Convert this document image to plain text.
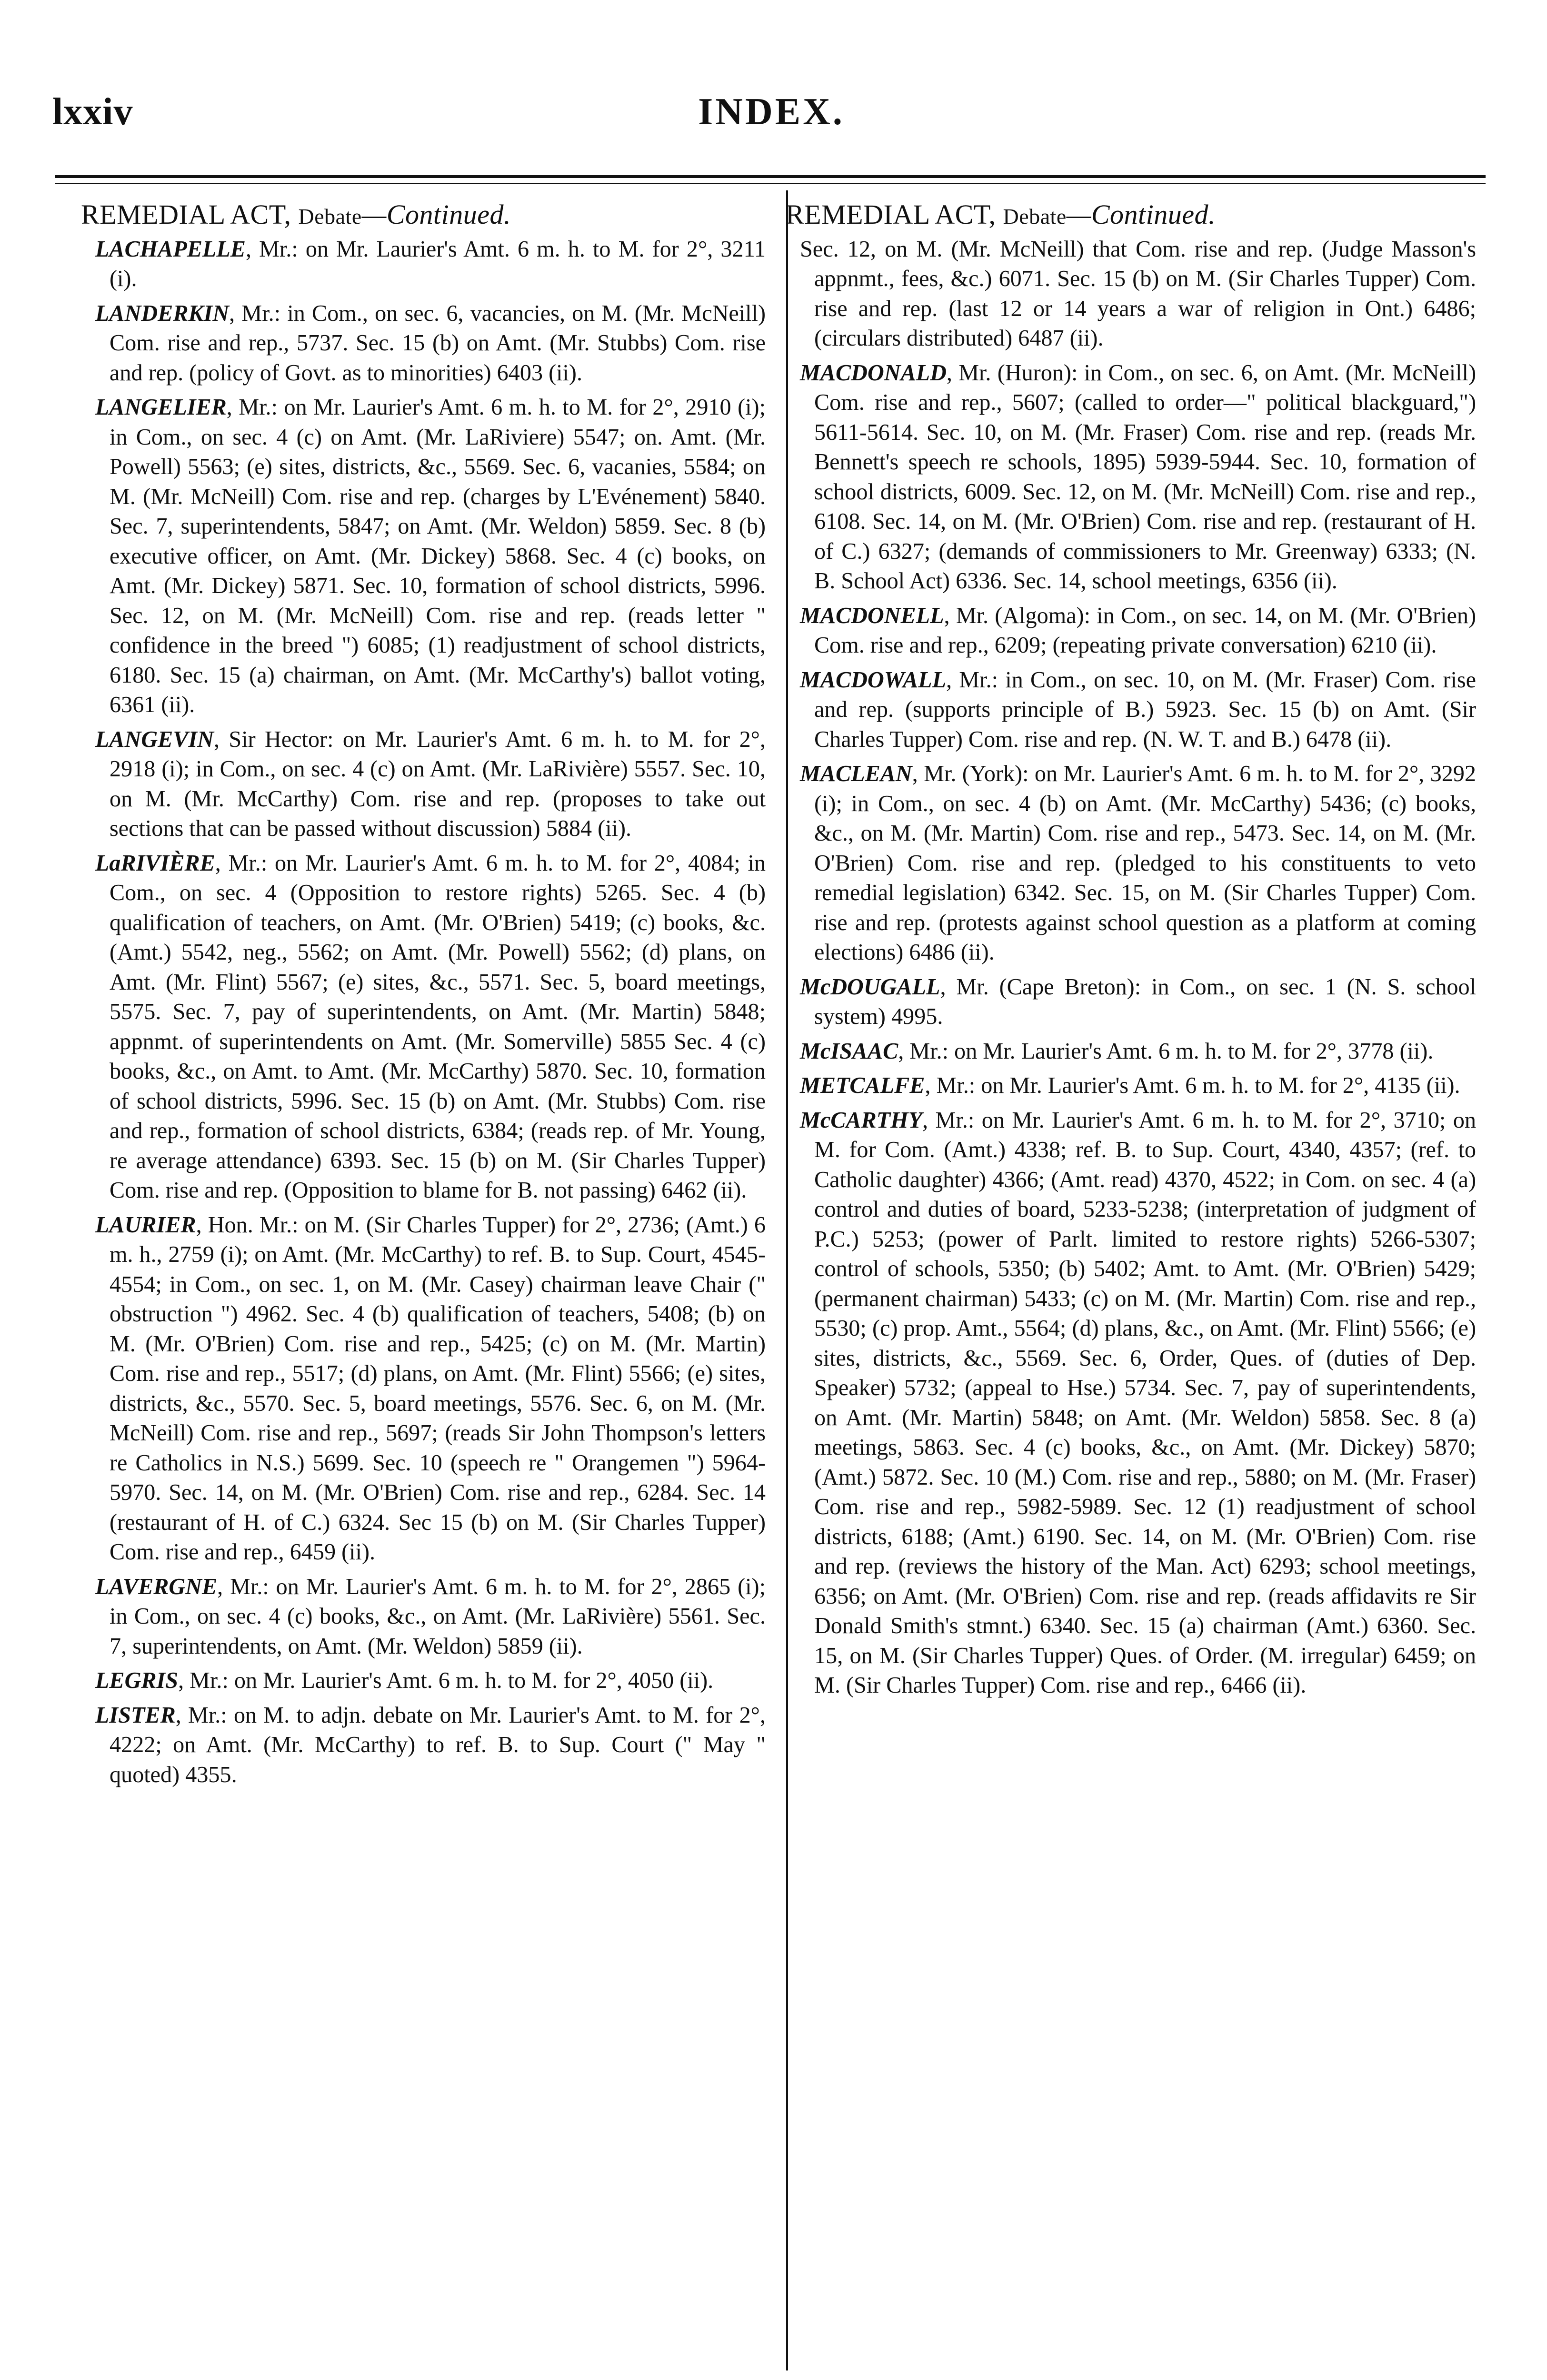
lxxiv	INDEX.
REMEDIAL ACT, Debate—Continued.

LACHAPELLE, Mr.: on Mr. Laurier's Amt. 6 m. h. to M. for 2°, 3211 (i).

LANDERKIN, Mr.: in Com., on sec. 6, vacancies, on M. (Mr. McNeill) Com. rise and rep., 5737. Sec. 15 (b) on Amt. (Mr. Stubbs) Com. rise and rep. (policy of Govt. as to minorities) 6403 (ii).

LANGELIER, Mr.: on Mr. Laurier's Amt. 6 m. h. to M. for 2°, 2910 (i); in Com., on sec. 4 (c) on Amt. (Mr. LaRiviere) 5547; on. Amt. (Mr. Powell) 5563; (e) sites, districts, &c., 5569. Sec. 6, vacanies, 5584; on M. (Mr. McNeill) Com. rise and rep. (charges by L'Evénement) 5840. Sec. 7, superintendents, 5847; on Amt. (Mr. Weldon) 5859. Sec. 8 (b) executive officer, on Amt. (Mr. Dickey) 5868. Sec. 4 (c) books, on Amt. (Mr. Dickey) 5871. Sec. 10, formation of school districts, 5996. Sec. 12, on M. (Mr. McNeill) Com. rise and rep. (reads letter " confidence in the breed ") 6085; (1) readjustment of school districts, 6180. Sec. 15 (a) chairman, on Amt. (Mr. McCarthy's) ballot voting, 6361 (ii).

LANGEVIN, Sir Hector: on Mr. Laurier's Amt. 6 m. h. to M. for 2°, 2918 (i); in Com., on sec. 4 (c) on Amt. (Mr. LaRivière) 5557. Sec. 10, on M. (Mr. McCarthy) Com. rise and rep. (proposes to take out sections that can be passed without discussion) 5884 (ii).

LaRIVIÈRE, Mr.: on Mr. Laurier's Amt. 6 m. h. to M. for 2°, 4084; in Com., on sec. 4 (Opposition to restore rights) 5265. Sec. 4 (b) qualification of teachers, on Amt. (Mr. O'Brien) 5419; (c) books, &c. (Amt.) 5542, neg., 5562; on Amt. (Mr. Powell) 5562; (d) plans, on Amt. (Mr. Flint) 5567; (e) sites, &c., 5571. Sec. 5, board meetings, 5575. Sec. 7, pay of superintendents, on Amt. (Mr. Martin) 5848; appnmt. of superintendents on Amt. (Mr. Somerville) 5855 Sec. 4 (c) books, &c., on Amt. to Amt. (Mr. McCarthy) 5870. Sec. 10, formation of school districts, 5996. Sec. 15 (b) on Amt. (Mr. Stubbs) Com. rise and rep., formation of school districts, 6384; (reads rep. of Mr. Young, re average attendance) 6393. Sec. 15 (b) on M. (Sir Charles Tupper) Com. rise and rep. (Opposition to blame for B. not passing) 6462 (ii).

LAURIER, Hon. Mr.: on M. (Sir Charles Tupper) for 2°, 2736; (Amt.) 6 m. h., 2759 (i); on Amt. (Mr. McCarthy) to ref. B. to Sup. Court, 4545-4554; in Com., on sec. 1, on M. (Mr. Casey) chairman leave Chair (" obstruction ") 4962. Sec. 4 (b) qualification of teachers, 5408; (b) on M. (Mr. O'Brien) Com. rise and rep., 5425; (c) on M. (Mr. Martin) Com. rise and rep., 5517; (d) plans, on Amt. (Mr. Flint) 5566; (e) sites, districts, &c., 5570. Sec. 5, board meetings, 5576. Sec. 6, on M. (Mr. McNeill) Com. rise and rep., 5697; (reads Sir John Thompson's letters re Catholics in N.S.) 5699. Sec. 10 (speech re " Orangemen ") 5964-5970. Sec. 14, on M. (Mr. O'Brien) Com. rise and rep., 6284. Sec. 14 (restaurant of H. of C.) 6324. Sec 15 (b) on M. (Sir Charles Tupper) Com. rise and rep., 6459 (ii).

LAVERGNE, Mr.: on Mr. Laurier's Amt. 6 m. h. to M. for 2°, 2865 (i); in Com., on sec. 4 (c) books, &c., on Amt. (Mr. LaRivière) 5561. Sec. 7, superintendents, on Amt. (Mr. Weldon) 5859 (ii).

LEGRIS, Mr.: on Mr. Laurier's Amt. 6 m. h. to M. for 2°, 4050 (ii).

LISTER, Mr.: on M. to adjn. debate on Mr. Laurier's Amt. to M. for 2°, 4222; on Amt. (Mr. McCarthy) to ref. B. to Sup. Court (" May " quoted) 4355.

REMEDIAL ACT, Debate—Continued.

Sec. 12, on M. (Mr. McNeill) that Com. rise and rep. (Judge Masson's appnmt., fees, &c.) 6071. Sec. 15 (b) on M. (Sir Charles Tupper) Com. rise and rep. (last 12 or 14 years a war of religion in Ont.) 6486; (circulars distributed) 6487 (ii).

MACDONALD, Mr. (Huron): in Com., on sec. 6, on Amt. (Mr. McNeill) Com. rise and rep., 5607; (called to order—" political blackguard,") 5611-5614. Sec. 10, on M. (Mr. Fraser) Com. rise and rep. (reads Mr. Bennett's speech re schools, 1895) 5939-5944. Sec. 10, formation of school districts, 6009. Sec. 12, on M. (Mr. McNeill) Com. rise and rep., 6108. Sec. 14, on M. (Mr. O'Brien) Com. rise and rep. (restaurant of H. of C.) 6327; (demands of commissioners to Mr. Greenway) 6333; (N. B. School Act) 6336. Sec. 14, school meetings, 6356 (ii).

MACDONELL, Mr. (Algoma): in Com., on sec. 14, on M. (Mr. O'Brien) Com. rise and rep., 6209; (repeating private conversation) 6210 (ii).

MACDOWALL, Mr.: in Com., on sec. 10, on M. (Mr. Fraser) Com. rise and rep. (supports principle of B.) 5923. Sec. 15 (b) on Amt. (Sir Charles Tupper) Com. rise and rep. (N. W. T. and B.) 6478 (ii).

MACLEAN, Mr. (York): on Mr. Laurier's Amt. 6 m. h. to M. for 2°, 3292 (i); in Com., on sec. 4 (b) on Amt. (Mr. McCarthy) 5436; (c) books, &c., on M. (Mr. Martin) Com. rise and rep., 5473. Sec. 14, on M. (Mr. O'Brien) Com. rise and rep. (pledged to his constituents to veto remedial legislation) 6342. Sec. 15, on M. (Sir Charles Tupper) Com. rise and rep. (protests against school question as a platform at coming elections) 6486 (ii).

McDOUGALL, Mr. (Cape Breton): in Com., on sec. 1 (N. S. school system) 4995.

McISAAC, Mr.: on Mr. Laurier's Amt. 6 m. h. to M. for 2°, 3778 (ii).

METCALFE, Mr.: on Mr. Laurier's Amt. 6 m. h. to M. for 2°, 4135 (ii).

McCARTHY, Mr.: on Mr. Laurier's Amt. 6 m. h. to M. for 2°, 3710; on M. for Com. (Amt.) 4338; ref. B. to Sup. Court, 4340, 4357; (ref. to Catholic daughter) 4366; (Amt. read) 4370, 4522; in Com. on sec. 4 (a) control and duties of board, 5233-5238; (interpretation of judgment of P.C.) 5253; (power of Parlt. limited to restore rights) 5266-5307; control of schools, 5350; (b) 5402; Amt. to Amt. (Mr. O'Brien) 5429; (permanent chairman) 5433; (c) on M. (Mr. Martin) Com. rise and rep., 5530; (c) prop. Amt., 5564; (d) plans, &c., on Amt. (Mr. Flint) 5566; (e) sites, districts, &c., 5569. Sec. 6, Order, Ques. of (duties of Dep. Speaker) 5732; (appeal to Hse.) 5734. Sec. 7, pay of superintendents, on Amt. (Mr. Martin) 5848; on Amt. (Mr. Weldon) 5858. Sec. 8 (a) meetings, 5863. Sec. 4 (c) books, &c., on Amt. (Mr. Dickey) 5870; (Amt.) 5872. Sec. 10 (M.) Com. rise and rep., 5880; on M. (Mr. Fraser) Com. rise and rep., 5982-5989. Sec. 12 (1) readjustment of school districts, 6188; (Amt.) 6190. Sec. 14, on M. (Mr. O'Brien) Com. rise and rep. (reviews the history of the Man. Act) 6293; school meetings, 6356; on Amt. (Mr. O'Brien) Com. rise and rep. (reads affidavits re Sir Donald Smith's stmnt.) 6340. Sec. 15 (a) chairman (Amt.) 6360. Sec. 15, on M. (Sir Charles Tupper) Ques. of Order. (M. irregular) 6459; on M. (Sir Charles Tupper) Com. rise and rep., 6466 (ii).
